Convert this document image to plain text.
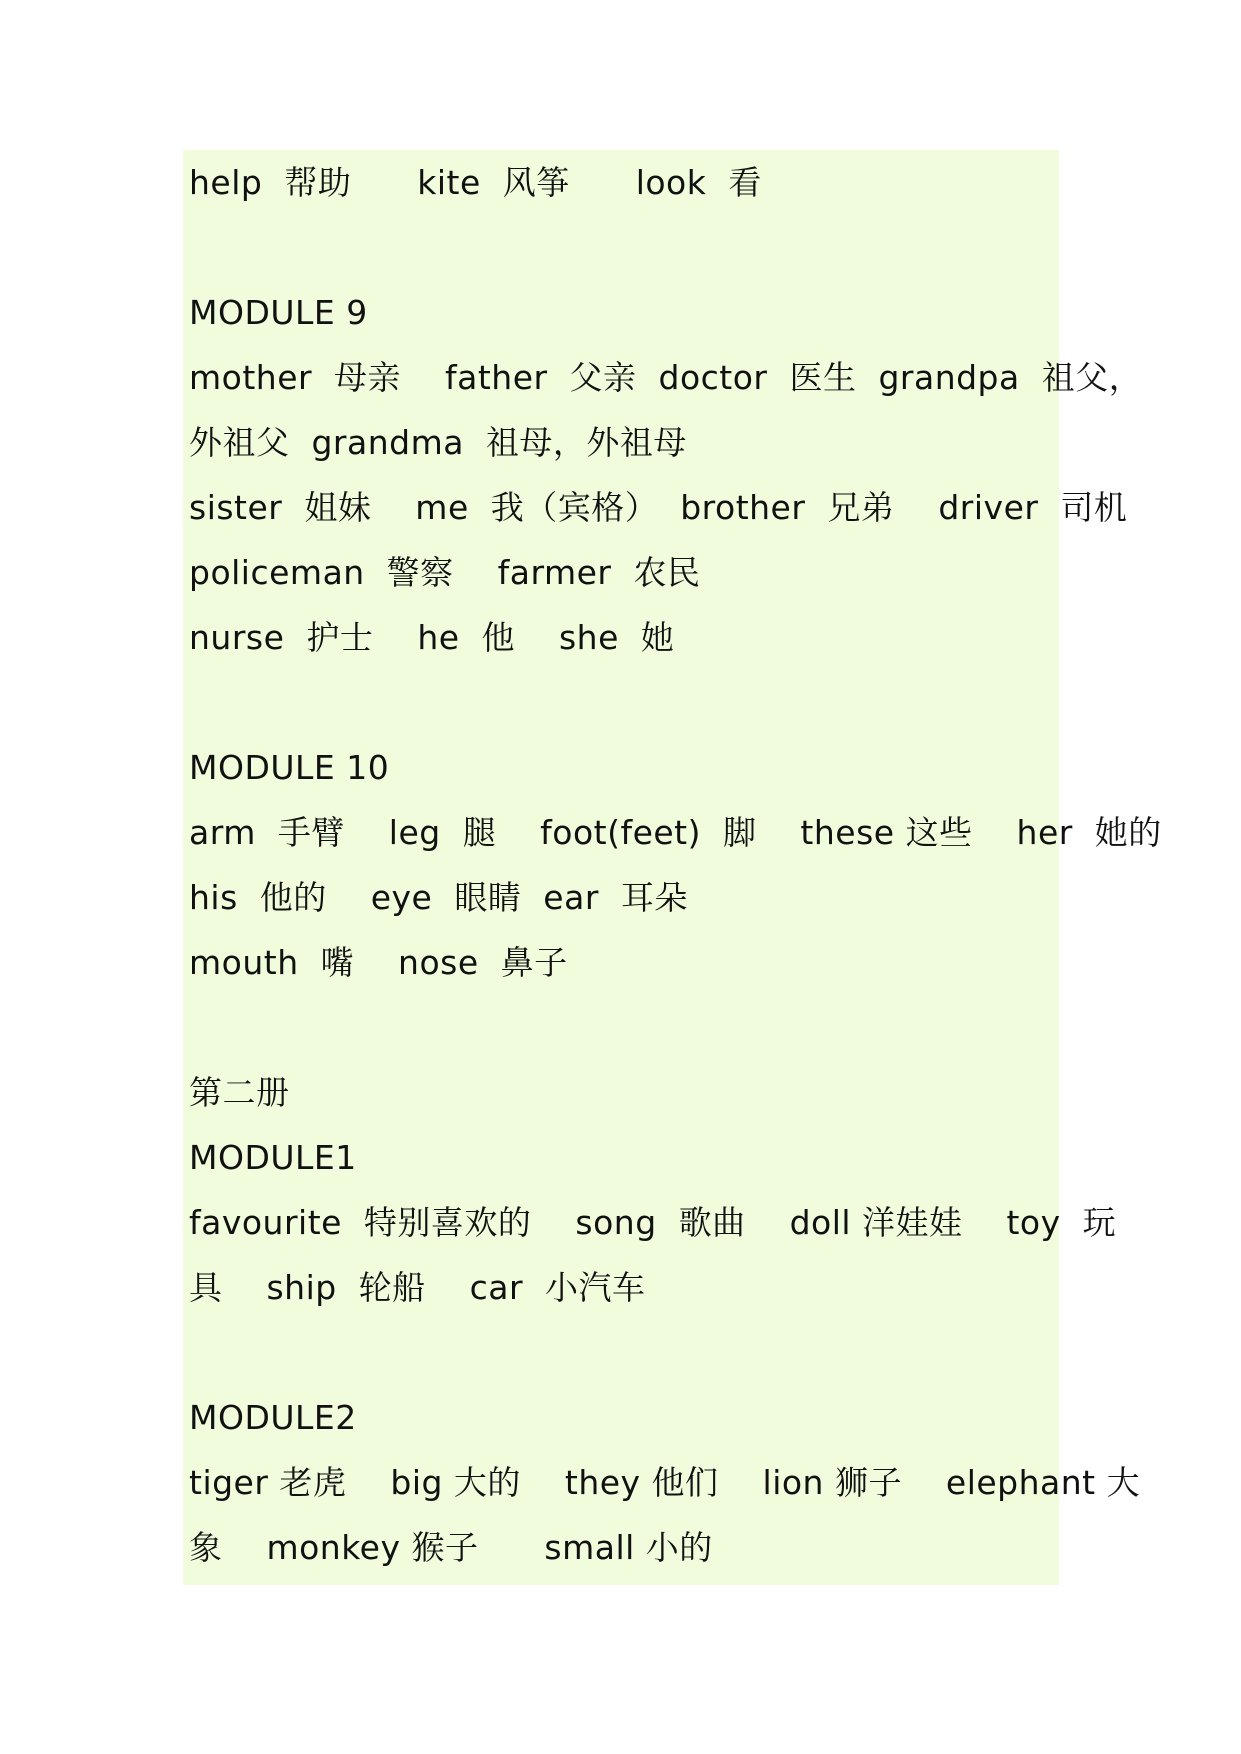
help  帮助      kite  风筝      look  看
MODULE 9
mother  母亲    father  父亲  doctor  医生  grandpa  祖父，
外祖父  grandma  祖母，外祖母
sister  姐妹    me  我（宾格）  brother  兄弟    driver  司机
policeman  警察    farmer  农民
nurse  护士    he  他    she  她
MODULE 10
arm  手臂    leg  腿    foot(feet)  脚    these 这些    her  她的
his  他的    eye  眼睛  ear  耳朵
mouth  嘴    nose  鼻子
第二册
MODULE1
favourite  特别喜欢的    song  歌曲    doll 洋娃娃    toy  玩
具    ship  轮船    car  小汽车
MODULE2
tiger 老虎    big 大的    they 他们    lion 狮子    elephant 大
象    monkey 猴子      small 小的
